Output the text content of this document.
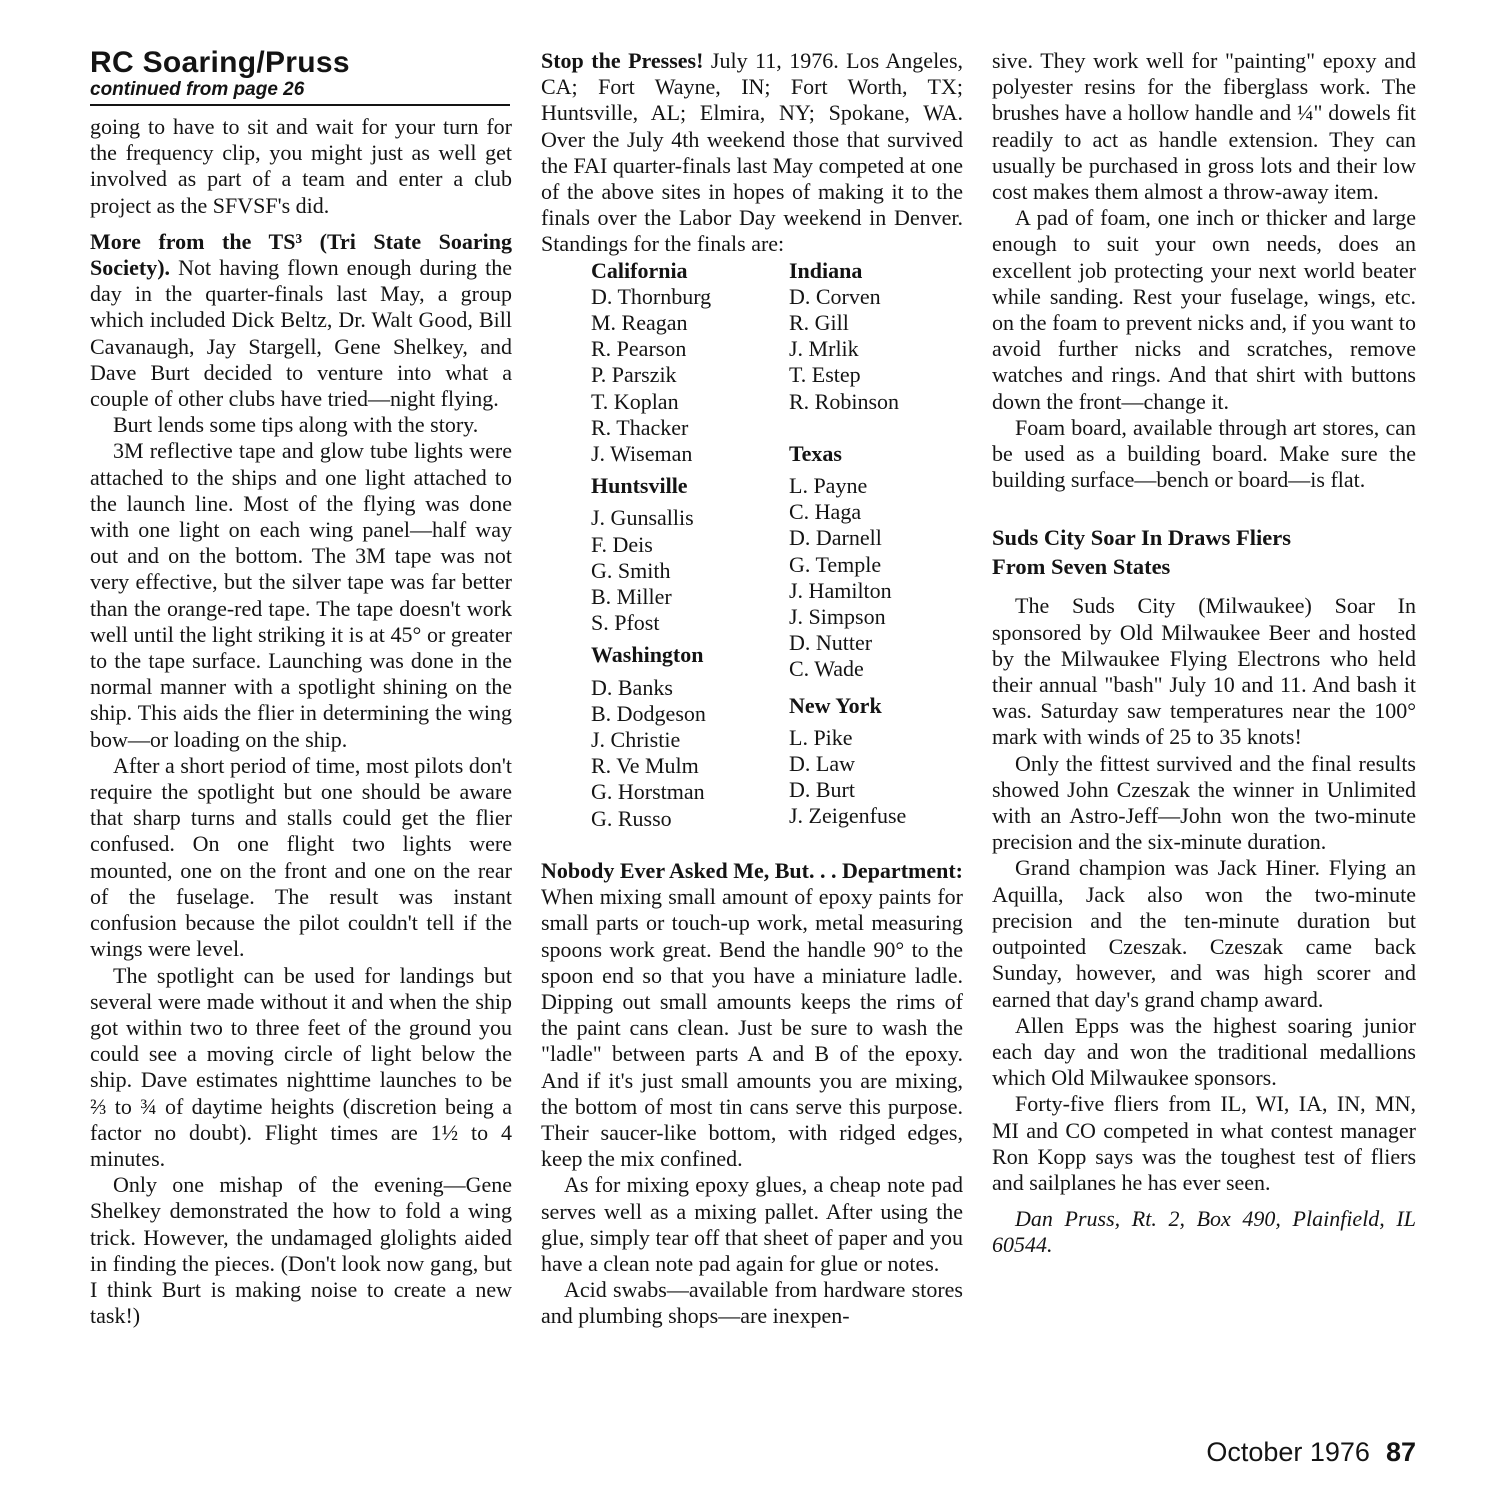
RC Soaring/Pruss
continued from page 26

going to have to sit and wait for your turn for the frequency clip, you might just as well get involved as part of a team and enter a club project as the SFVSF's did.

More from the TS³ (Tri State Soaring Society). Not having flown enough during the day in the quarter-finals last May, a group which included Dick Beltz, Dr. Walt Good, Bill Cavanaugh, Jay Stargell, Gene Shelkey, and Dave Burt decided to venture into what a couple of other clubs have tried—night flying.

Burt lends some tips along with the story.

3M reflective tape and glow tube lights were attached to the ships and one light attached to the launch line. Most of the flying was done with one light on each wing panel—half way out and on the bottom. The 3M tape was not very effective, but the silver tape was far better than the orange-red tape. The tape doesn't work well until the light striking it is at 45° or greater to the tape surface. Launching was done in the normal manner with a spotlight shining on the ship. This aids the flier in determining the wing bow—or loading on the ship.

After a short period of time, most pilots don't require the spotlight but one should be aware that sharp turns and stalls could get the flier confused. On one flight two lights were mounted, one on the front and one on the rear of the fuselage. The result was instant confusion because the pilot couldn't tell if the wings were level.

The spotlight can be used for landings but several were made without it and when the ship got within two to three feet of the ground you could see a moving circle of light below the ship. Dave estimates nighttime launches to be ⅔ to ¾ of daytime heights (discretion being a factor no doubt). Flight times are 1½ to 4 minutes.

Only one mishap of the evening—Gene Shelkey demonstrated the how to fold a wing trick. However, the undamaged glolights aided in finding the pieces. (Don't look now gang, but I think Burt is making noise to create a new task!)

Stop the Presses! July 11, 1976. Los Angeles, CA; Fort Wayne, IN; Fort Worth, TX; Huntsville, AL; Elmira, NY; Spokane, WA. Over the July 4th weekend those that survived the FAI quarter-finals last May competed at one of the above sites in hopes of making it to the finals over the Labor Day weekend in Denver. Standings for the finals are:

California

D. Thornburg

M. Reagan

R. Pearson

P. Parszik

T. Koplan

R. Thacker

J. Wiseman

Huntsville

J. Gunsallis

F. Deis

G. Smith

B. Miller

S. Pfost

Washington

D. Banks

B. Dodgeson

J. Christie

R. Ve Mulm

G. Horstman

G. Russo

Indiana

D. Corven

R. Gill

J. Mrlik

T. Estep

R. Robinson

Texas

L. Payne

C. Haga

D. Darnell

G. Temple

J. Hamilton

J. Simpson

D. Nutter

C. Wade

New York

L. Pike

D. Law

D. Burt

J. Zeigenfuse

Nobody Ever Asked Me, But. . . Department: When mixing small amount of epoxy paints for small parts or touch-up work, metal measuring spoons work great. Bend the handle 90° to the spoon end so that you have a miniature ladle. Dipping out small amounts keeps the rims of the paint cans clean. Just be sure to wash the "ladle" between parts A and B of the epoxy. And if it's just small amounts you are mixing, the bottom of most tin cans serve this purpose. Their saucer-like bottom, with ridged edges, keep the mix confined.

As for mixing epoxy glues, a cheap note pad serves well as a mixing pallet. After using the glue, simply tear off that sheet of paper and you have a clean note pad again for glue or notes.

Acid swabs—available from hardware stores and plumbing shops—are inexpen-

sive. They work well for "painting" epoxy and polyester resins for the fiberglass work. The brushes have a hollow handle and ¼" dowels fit readily to act as handle extension. They can usually be purchased in gross lots and their low cost makes them almost a throw-away item.

A pad of foam, one inch or thicker and large enough to suit your own needs, does an excellent job protecting your next world beater while sanding. Rest your fuselage, wings, etc. on the foam to prevent nicks and, if you want to avoid further nicks and scratches, remove watches and rings. And that shirt with buttons down the front—change it.

Foam board, available through art stores, can be used as a building board. Make sure the building surface—bench or board—is flat.

Suds City Soar In Draws Fliers

From Seven States

The Suds City (Milwaukee) Soar In sponsored by Old Milwaukee Beer and hosted by the Milwaukee Flying Electrons who held their annual "bash" July 10 and 11. And bash it was. Saturday saw temperatures near the 100° mark with winds of 25 to 35 knots!

Only the fittest survived and the final results showed John Czeszak the winner in Unlimited with an Astro-Jeff—John won the two-minute precision and the six-minute duration.

Grand champion was Jack Hiner. Flying an Aquilla, Jack also won the two-minute precision and the ten-minute duration but outpointed Czeszak. Czeszak came back Sunday, however, and was high scorer and earned that day's grand champ award.

Allen Epps was the highest soaring junior each day and won the traditional medallions which Old Milwaukee sponsors.

Forty-five fliers from IL, WI, IA, IN, MN, MI and CO competed in what contest manager Ron Kopp says was the toughest test of fliers and sailplanes he has ever seen.

Dan Pruss, Rt. 2, Box 490, Plainfield, IL 60544.

October 1976 87
